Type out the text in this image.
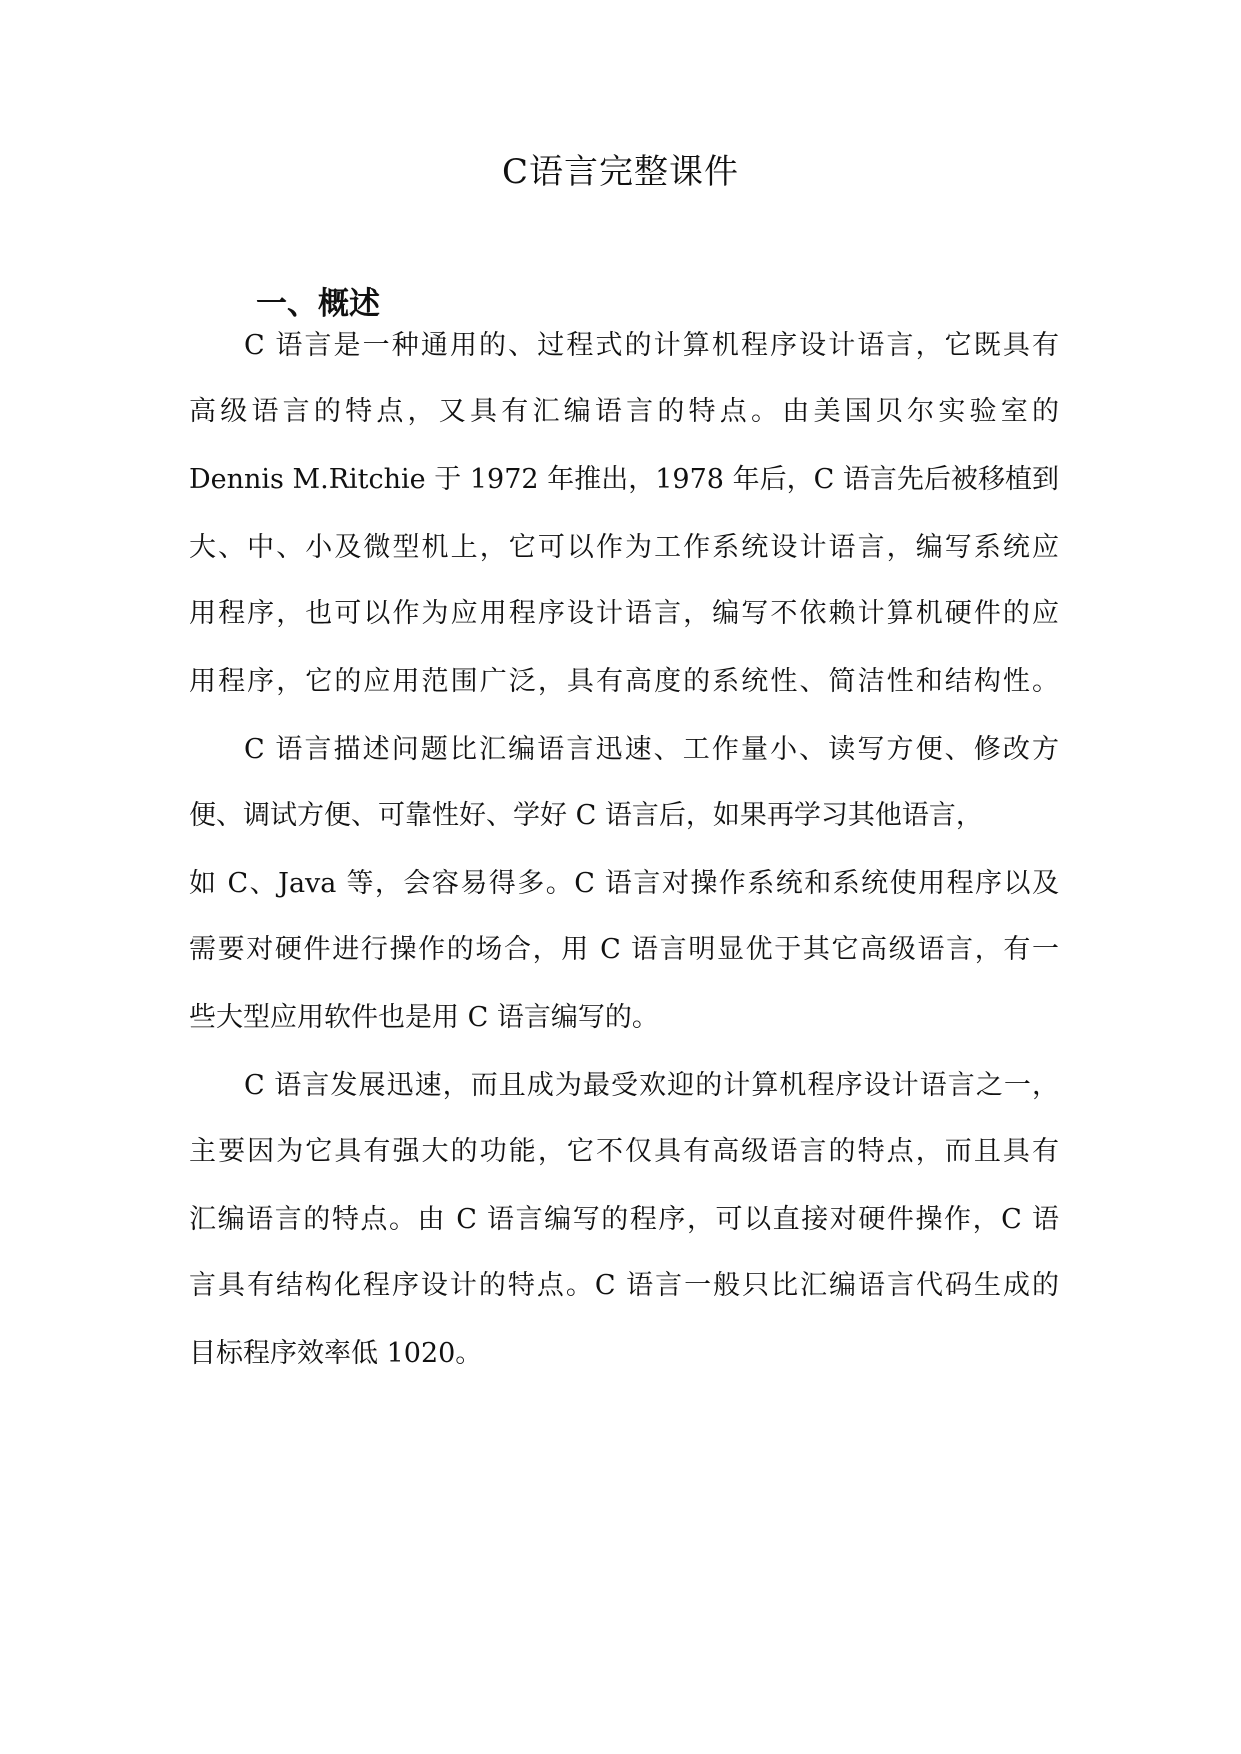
C语言完整课件
一、概述

C 语言是一种通用的、过程式的计算机程序设计语言，它既具有

高级语言的特点，又具有汇编语言的特点。由美国贝尔实验室的

Dennis M.Ritchie 于 1972 年推出，1978 年后，C 语言先后被移植到

大、中、小及微型机上，它可以作为工作系统设计语言，编写系统应

用程序，也可以作为应用程序设计语言，编写不依赖计算机硬件的应

用程序，它的应用范围广泛，具有高度的系统性、简洁性和结构性。

C 语言描述问题比汇编语言迅速、工作量小、读写方便、修改方

便、调试方便、可靠性好、学好 C 语言后，如果再学习其他语言，

如 C、Java 等，会容易得多。C 语言对操作系统和系统使用程序以及

需要对硬件进行操作的场合，用 C 语言明显优于其它高级语言，有一

些大型应用软件也是用 C 语言编写的。

C 语言发展迅速，而且成为最受欢迎的计算机程序设计语言之一，

主要因为它具有强大的功能，它不仅具有高级语言的特点，而且具有

汇编语言的特点。由 C 语言编写的程序，可以直接对硬件操作，C 语

言具有结构化程序设计的特点。C 语言一般只比汇编语言代码生成的

目标程序效率低 1020。
